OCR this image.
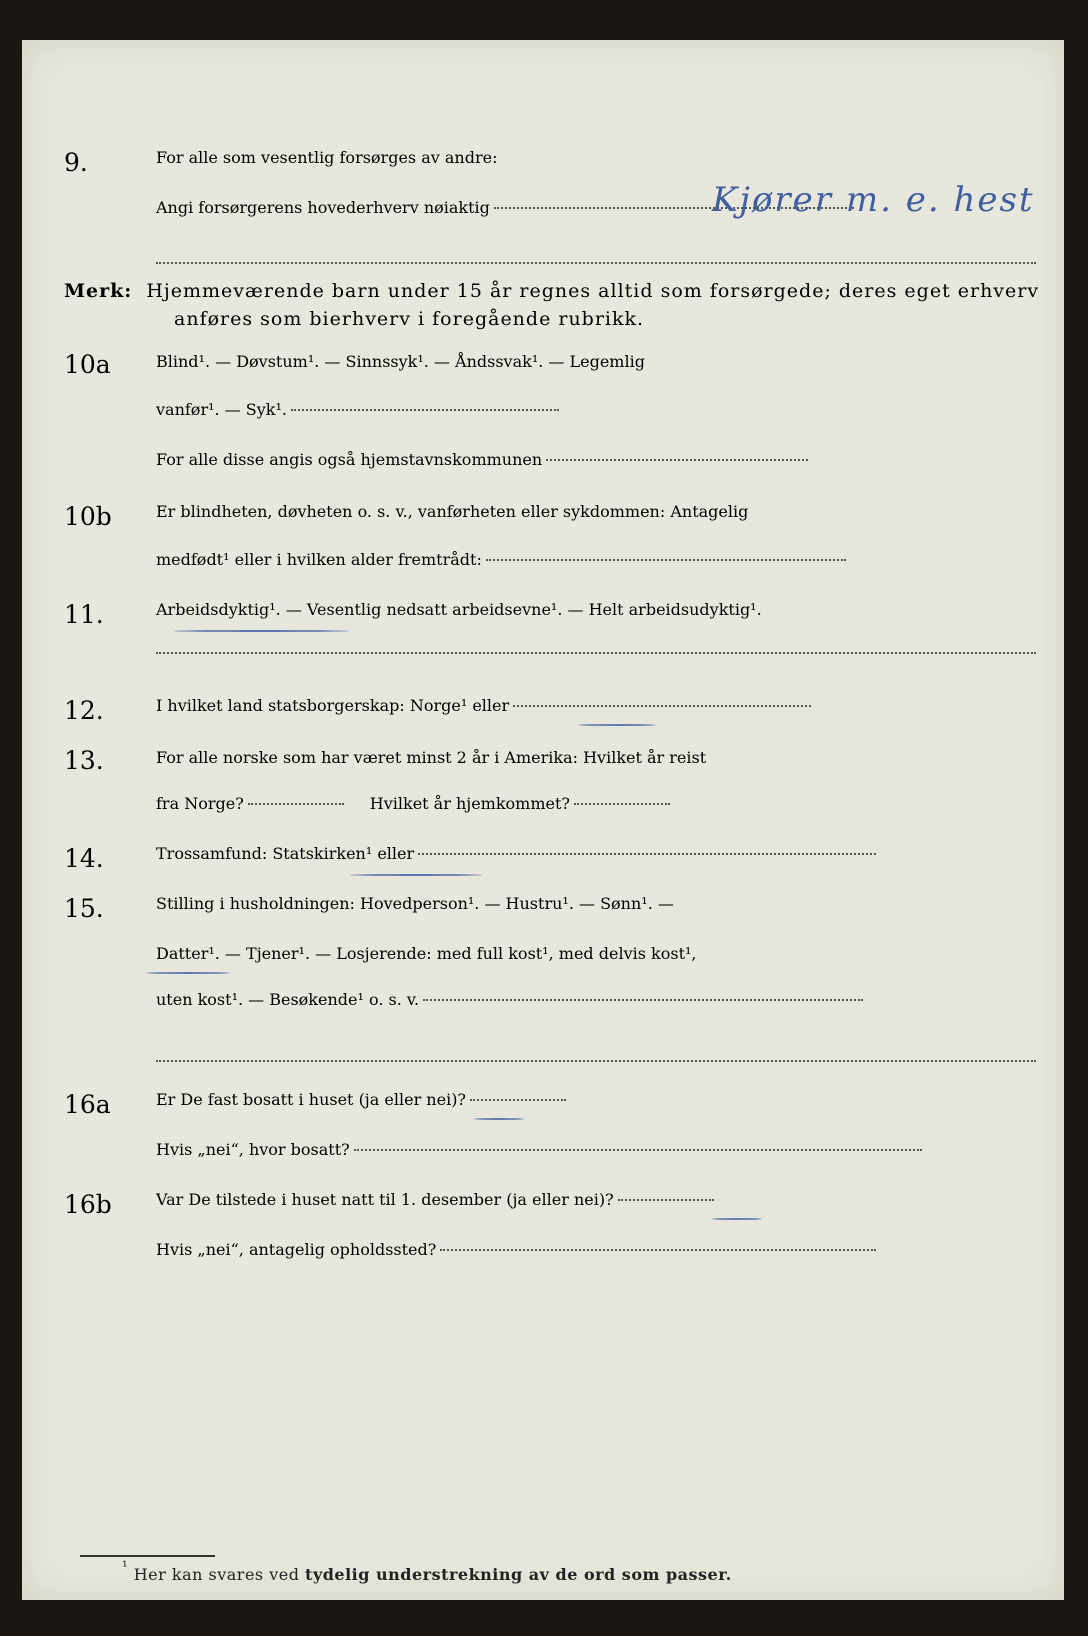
9.	For alle som vesentlig forsørges av andre:
Angi forsørgerens hovederhverv nøiaktig	Kjører m. e. hest
Merk: Hjemmeværende barn under 15 år regnes alltid som forsørgede; deres eget erhverv
anføres som bierhverv i foregående rubrikk.
10a	Blind¹. — Døvstum¹. — Sinnssyk¹. — Åndssvak¹. — Legemlig
vanfør¹. — Syk¹.
For alle disse angis også hjemstavnskommunen
10b	Er blindheten, døvheten o. s. v., vanførheten eller sykdommen: Antagelig
medfødt¹ eller i hvilken alder fremtrådt:
11.	Arbeidsdyktig¹. — Vesentlig nedsatt arbeidsevne¹. — Helt arbeidsudyktig¹.
12.	I hvilket land statsborgerskap: Norge¹ eller
13.	For alle norske som har været minst 2 år i Amerika: Hvilket år reist
fra Norge?	Hvilket år hjemkommet?
14.	Trossamfund: Statskirken¹ eller
15.	Stilling i husholdningen: Hovedperson¹. — Hustru¹. — Sønn¹. —
Datter¹. — Tjener¹. — Losjerende: med full kost¹, med delvis kost¹,
uten kost¹. — Besøkende¹ o. s. v.
16a	Er De fast bosatt i huset (ja eller nei)?
Hvis „nei“, hvor bosatt?
16b	Var De tilstede i huset natt til 1. desember (ja eller nei)?
Hvis „nei“, antagelig opholdssted?
¹ Her kan svares ved tydelig understrekning av de ord som passer.
